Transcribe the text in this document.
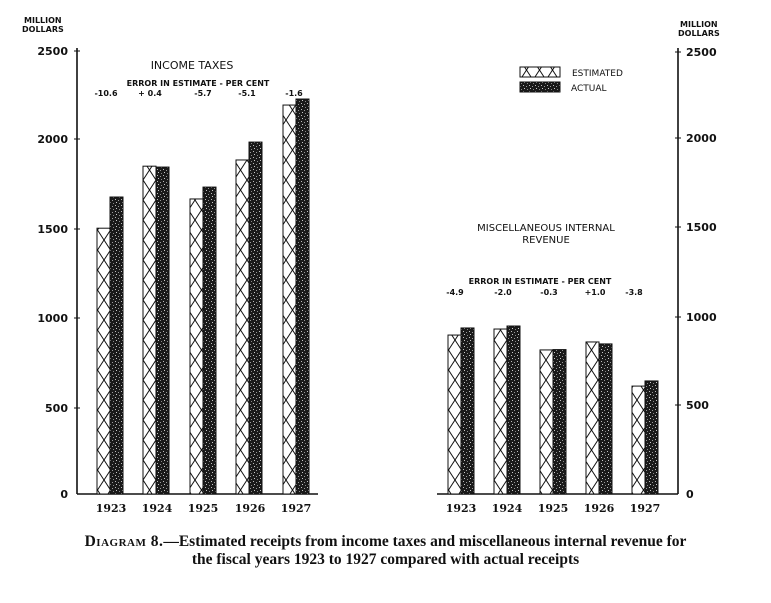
MILLION
DOLLARS
2500
2000
1500
1000
500
0
MILLION
DOLLARS
2500
2000
1500
1000
500
0
INCOME TAXES
ERROR IN ESTIMATE - PER CENT
-10.6	+ 0.4	-5.7	-5.1	-1.6
1923 1924 1925 1926 1927
ESTIMATED
ACTUAL
MISCELLANEOUS INTERNAL
REVENUE
ERROR IN ESTIMATE - PER CENT
-4.9	-2.0	-0.3	+1.0 -3.8
1923 1924 1925 1926 1927
Diagram 8.—Estimated receipts from income taxes and miscellaneous internal revenue for
the fiscal years 1923 to 1927 compared with actual receipts
